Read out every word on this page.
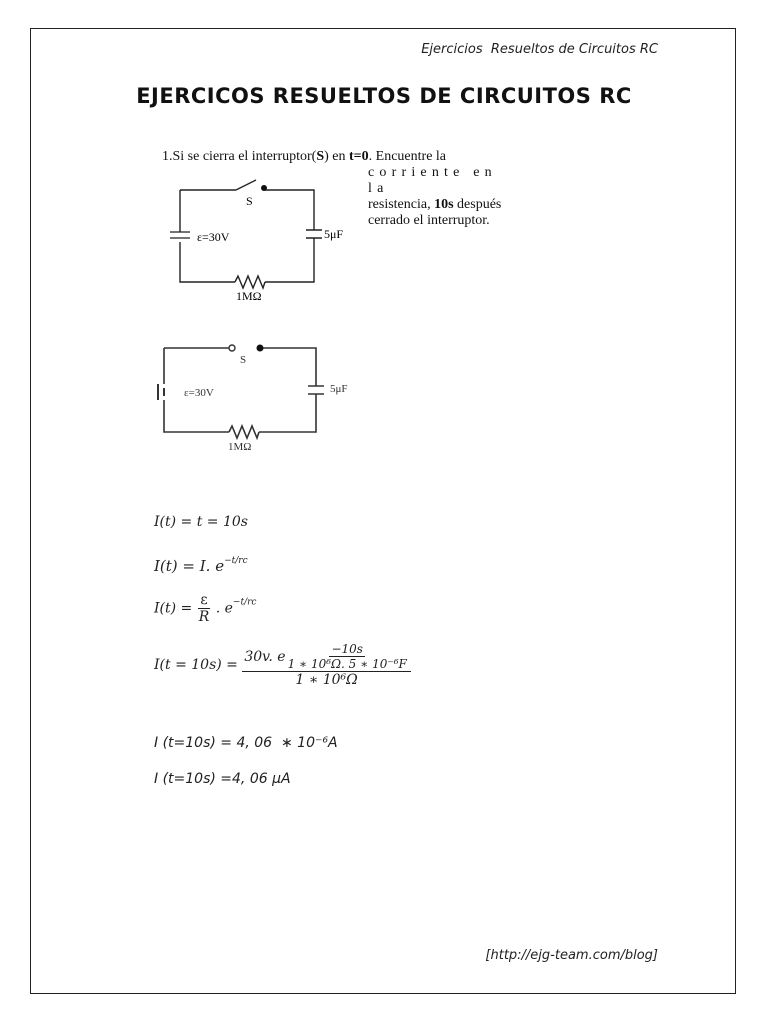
Ejercicios  Resueltos de Circuitos RC
EJERCICOS RESUELTOS DE CIRCUITOS RC
1.Si se cierra el interruptor(S) en t=0. Encuentre la
corriente en la
resistencia, 10s después
cerrado el interruptor.
S
ε=30V	5μF
1MΩ
S
ε=30V	5μF
1MΩ
I(t) = t = 10s
I(t) = I. $e^{-t/rc}$
$I(t) = \frac{\varepsilon}{R}$ . $e^{-t/rc}$
$I(t = 10s) = \frac{30v. e \frac{-10s}{\text{1 ∗ 10⁶Ω. 5 ∗ 10⁻⁶F}}}{\text{1 ∗ 10⁶Ω}}$
I (t=10s) = 4, 06  ∗ 10⁻⁶A
I (t=10s) =4, 06 μA
[http://ejg-team.com/blog]
